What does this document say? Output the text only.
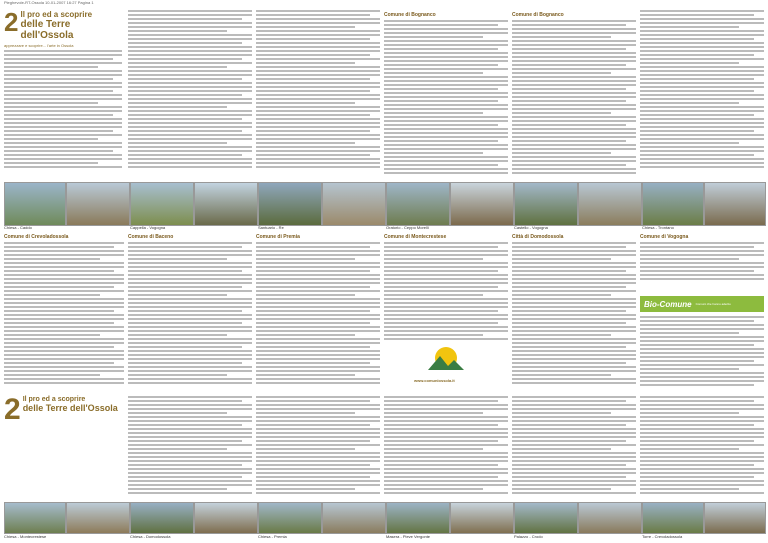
Pieghevole-RT-Ossola 10-01-2007 16:27 Pagina 1
2 Il pro ed a scoprire
delle Terre dell'Ossola
apprezzare e scoprire... l'arte in Ossola
Comune di Bognanco	Comune di Bognanco
Chiesa - Caddo	Cappella - Vogogna	Santuario - Re	Oratorio - Ceppo Morelli	Castello - Vogogna	Chiesa - Trontano
Comune di Crevoladossola	Comune di Baceno	Comune di Premia	Comune di Montecrestese
www.comuniossola.it
Città di Domodossola	Comune di Vogogna
Bio-Comune Comuni che hanno aderito
2 Il pro ed a scoprire
delle Terre dell'Ossola
Chiesa - Montecrestese	Chiesa - Domodossola	Chiesa - Premia	Masera - Pieve Vergonte	Palazzo - Crodo	Torre - Crevoladossola
